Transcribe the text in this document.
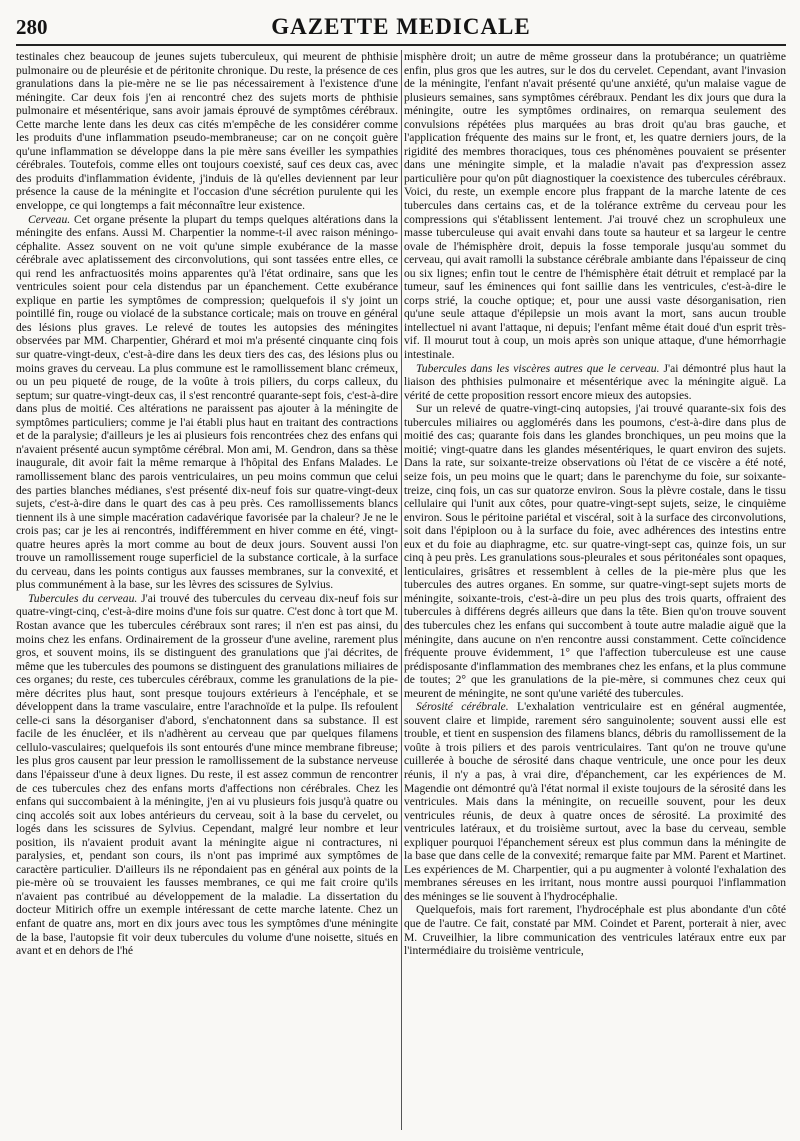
280	GAZETTE MEDICALE

testinales chez beaucoup de jeunes sujets tuberculeux, qui meurent de phthisie pulmonaire ou de pleurésie et de péritonite chronique. Du reste, la présence de ces granulations dans la pie-mère ne se lie pas nécessairement à l'existence d'une méningite. Car deux fois j'en ai rencontré chez des sujets morts de phthisie pulmonaire et mésentérique, sans avoir jamais éprouvé de symptômes cérébraux. Cette marche lente dans les deux cas cités m'empêche de les considérer comme les produits d'une inflammation pseudo-membraneuse; car on ne conçoit guère qu'une inflammation se développe dans la pie mère sans éveiller les sympathies cérébrales. Toutefois, comme elles ont toujours coexisté, sauf ces deux cas, avec des produits d'inflammation évidente, j'induis de là qu'elles deviennent par leur présence la cause de la méningite et l'occasion d'une sécrétion purulente qui les enveloppe, ce qui longtemps a fait méconnaître leur existence.

Cerveau. Cet organe présente la plupart du temps quelques altérations dans la méningite des enfans. Aussi M. Charpentier la nomme-t-il avec raison méningo-céphalite. Assez souvent on ne voit qu'une simple exubérance de la masse cérébrale avec aplatissement des circonvolutions, qui sont tassées entre elles, ce qui rend les anfractuosités moins apparentes qu'à l'état ordinaire, sans que les ventricules soient pour cela distendus par un épanchement. Cette exubérance explique en partie les symptômes de compression; quelquefois il s'y joint un pointillé fin, rouge ou violacé de la substance corticale; mais on trouve en général des lésions plus graves. Le relevé de toutes les autopsies des méningites observées par MM. Charpentier, Ghérard et moi m'a présenté cinquante cinq fois sur quatre-vingt-deux, c'est-à-dire dans les deux tiers des cas, des lésions plus ou moins graves du cerveau. La plus commune est le ramollissement blanc crémeux, ou un peu piqueté de rouge, de la voûte à trois piliers, du corps calleux, du septum; sur quatre-vingt-deux cas, il s'est rencontré quarante-sept fois, c'est-à-dire dans plus de moitié. Ces altérations ne paraissent pas ajouter à la méningite de symptômes particuliers; comme je l'ai établi plus haut en traitant des contractions et de la paralysie; d'ailleurs je les ai plusieurs fois rencontrées chez des enfans qui n'avaient présenté aucun symptôme cérébral. Mon ami, M. Gendron, dans sa thèse inaugurale, dit avoir fait la même remarque à l'hôpital des Enfans Malades. Le ramollissement blanc des parois ventriculaires, un peu moins commun que celui des parties blanches médianes, s'est présenté dix-neuf fois sur quatre-vingt-deux sujets, c'est-à-dire dans le quart des cas à peu près. Ces ramollissements blancs tiennent ils à une simple macération cadavérique favorisée par la chaleur? Je ne le crois pas; car je les ai rencontrés, indifféremment en hiver comme en été, vingt-quatre heures après la mort comme au bout de deux jours. Souvent aussi l'on trouve un ramollissement rouge superficiel de la substance corticale, à la surface du cerveau, dans les points contigus aux fausses membranes, sur la convexité, et plus communément à la base, sur les lèvres des scissures de Sylvius.

Tubercules du cerveau. J'ai trouvé des tubercules du cerveau dix-neuf fois sur quatre-vingt-cinq, c'est-à-dire moins d'une fois sur quatre. C'est donc à tort que M. Rostan avance que les tubercules cérébraux sont rares; il n'en est pas ainsi, du moins chez les enfans. Ordinairement de la grosseur d'une aveline, rarement plus gros, et souvent moins, ils se distinguent des granulations que j'ai décrites, de même que les tubercules des poumons se distinguent des granulations miliaires de ces organes; du reste, ces tubercules cérébraux, comme les granulations de la pie-mère décrites plus haut, sont presque toujours extérieurs à l'encéphale, et se développent dans la trame vasculaire, entre l'arachnoïde et la pulpe. Ils refoulent celle-ci sans la désorganiser d'abord, s'enchatonnent dans sa substance. Il est facile de les énucléer, et ils n'adhèrent au cerveau que par quelques filamens cellulo-vasculaires; quelquefois ils sont entourés d'une mince membrane fibreuse; les plus gros causent par leur pression le ramollissement de la substance nerveuse dans l'épaisseur d'une à deux lignes. Du reste, il est assez commun de rencontrer de ces tubercules chez des enfans morts d'affections non cérébrales. Chez les enfans qui succombaient à la méningite, j'en ai vu plusieurs fois jusqu'à quatre ou cinq accolés soit aux lobes antérieurs du cerveau, soit à la base du cervelet, ou logés dans les scissures de Sylvius. Cependant, malgré leur nombre et leur position, ils n'avaient produit avant la méningite aigue ni contractures, ni paralysies, et, pendant son cours, ils n'ont pas imprimé aux symptômes de caractère particulier. D'ailleurs ils ne répondaient pas en général aux points de la pie-mère où se trouvaient les fausses membranes, ce qui me fait croire qu'ils n'avaient pas contribué au développement de la maladie. La dissertation du docteur Mitirich offre un exemple intéressant de cette marche latente. Chez un enfant de quatre ans, mort en dix jours avec tous les symptômes d'une méningite de la base, l'autopsie fit voir deux tubercules du volume d'une noisette, situés en avant et en dehors de l'hé

misphère droit; un autre de même grosseur dans la protubérance; un quatrième enfin, plus gros que les autres, sur le dos du cervelet. Cependant, avant l'invasion de la méningite, l'enfant n'avait présenté qu'une anxiété, qu'un malaise vague de plusieurs semaines, sans symptômes cérébraux. Pendant les dix jours que dura la méningite, outre les symptômes ordinaires, on remarqua seulement des convulsions répétées plus marquées au bras droit qu'au bras gauche, et l'application fréquente des mains sur le front, et, les quatre derniers jours, de la rigidité des membres thoraciques, tous ces phénomènes pouvaient se présenter dans une méningite simple, et la maladie n'avait pas d'expression assez particulière pour qu'on pût diagnostiquer la coexistence des tubercules cérébraux. Voici, du reste, un exemple encore plus frappant de la marche latente de ces tubercules dans certains cas, et de la tolérance extrême du cerveau pour les compressions qui s'établissent lentement. J'ai trouvé chez un scrophuleux une masse tuberculeuse qui avait envahi dans toute sa hauteur et sa largeur le centre ovale de l'hémisphère droit, depuis la fosse temporale jusqu'au sommet du cerveau, qui avait ramolli la substance cérébrale ambiante dans l'épaisseur de cinq ou six lignes; enfin tout le centre de l'hémisphère était détruit et remplacé par la tumeur, sauf les éminences qui font saillie dans les ventricules, c'est-à-dire le corps strié, la couche optique; et, pour une aussi vaste désorganisation, rien qu'une seule attaque d'épilepsie un mois avant la mort, sans aucun trouble intellectuel ni avant l'attaque, ni depuis; l'enfant même était doué d'un esprit très-vif. Il mourut tout à coup, un mois après son unique attaque, d'une hémorrhagie intestinale.

Tubercules dans les viscères autres que le cerveau. J'ai démontré plus haut la liaison des phthisies pulmonaire et mésentérique avec la méningite aiguë. La vérité de cette proposition ressort encore mieux des autopsies.

Sur un relevé de quatre-vingt-cinq autopsies, j'ai trouvé quarante-six fois des tubercules miliaires ou agglomérés dans les poumons, c'est-à-dire dans plus de moitié des cas; quarante fois dans les glandes bronchiques, un peu moins que la moitié; vingt-quatre dans les glandes mésentériques, le quart environ des sujets. Dans la rate, sur soixante-treize observations où l'état de ce viscère a été noté, seize fois, un peu moins que le quart; dans le parenchyme du foie, sur soixante-treize, cinq fois, un cas sur quatorze environ. Sous la plèvre costale, dans le tissu cellulaire qui l'unit aux côtes, pour quatre-vingt-sept sujets, seize, le cinquième environ. Sous le péritoine pariétal et viscéral, soit à la surface des circonvolutions, soit dans l'épiploon ou à la surface du foie, avec adhérences des intestins entre eux et du foie au diaphragme, etc. sur quatre-vingt-sept cas, quinze fois, un sur cinq à peu près. Les granulations sous-pleurales et sous péritonéales sont opaques, lenticulaires, grisâtres et ressemblent à celles de la pie-mère plus que les tubercules des autres organes. En somme, sur quatre-vingt-sept sujets morts de méningite, soixante-trois, c'est-à-dire un peu plus des trois quarts, offraient des tubercules à différens degrés ailleurs que dans la tête. Bien qu'on trouve souvent des tubercules chez les enfans qui succombent à toute autre maladie aiguë que la méningite, dans aucune on n'en rencontre aussi constamment. Cette coïncidence fréquente prouve évidemment, 1° que l'affection tuberculeuse est une cause prédisposante d'inflammation des membranes chez les enfans, et la plus commune de toutes; 2° que les granulations de la pie-mère, si communes chez ceux qui meurent de méningite, ne sont qu'une variété des tubercules.

Sérosité cérébrale. L'exhalation ventriculaire est en général augmentée, souvent claire et limpide, rarement séro sanguinolente; souvent aussi elle est trouble, et tient en suspension des filamens blancs, débris du ramollissement de la voûte à trois piliers et des parois ventriculaires. Tant qu'on ne trouve qu'une cuillerée à bouche de sérosité dans chaque ventricule, une once pour les deux réunis, il n'y a pas, à vrai dire, d'épanchement, car les expériences de M. Magendie ont démontré qu'à l'état normal il existe toujours de la sérosité dans les ventricules. Mais dans la méningite, on recueille souvent, pour les deux ventricules réunis, de deux à quatre onces de sérosité. La proximité des ventricules latéraux, et du troisième surtout, avec la base du cerveau, semble expliquer pourquoi l'épanchement séreux est plus commun dans la méningite de la base que dans celle de la convexité; remarque faite par MM. Parent et Martinet. Les expériences de M. Charpentier, qui a pu augmenter à volonté l'exhalation des membranes séreuses en les irritant, nous montre aussi pourquoi l'inflammation des méninges se lie souvent à l'hydrocéphalie.

Quelquefois, mais fort rarement, l'hydrocéphale est plus abondante d'un côté que de l'autre. Ce fait, constaté par MM. Coindet et Parent, porterait à nier, avec M. Cruveilhier, la libre communication des ventricules latéraux entre eux par l'intermédiaire du troisième ventricule,
